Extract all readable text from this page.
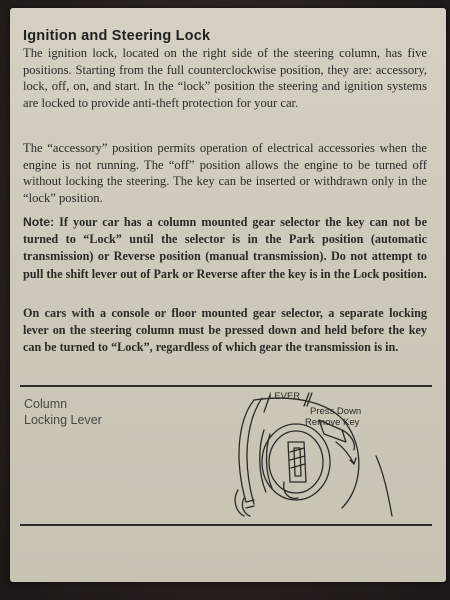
Ignition and Steering Lock

The ignition lock, located on the right side of the steering column, has five positions. Starting from the full counterclockwise position, they are: accessory, lock, off, on, and start. In the “lock” position the steering and ignition systems are locked to provide anti-theft protection for your car.

The “accessory” position permits operation of electrical accessories when the engine is not running. The “off” position allows the engine to be turned off without locking the steering. The key can be inserted or withdrawn only in the “lock” position.

Note: If your car has a column mounted gear selector the key can not be turned to “Lock” until the selector is in the Park position (automatic transmission) or Reverse position (manual transmission). Do not attempt to pull the shift lever out of Park or Reverse after the key is in the Lock position.

On cars with a console or floor mounted gear selector, a separate locking lever on the steering column must be pressed down and held before the key can be turned to “Lock”, regardless of which gear the transmission is in.

Column
Locking Lever

LEVER
Press Down
Remove Key
